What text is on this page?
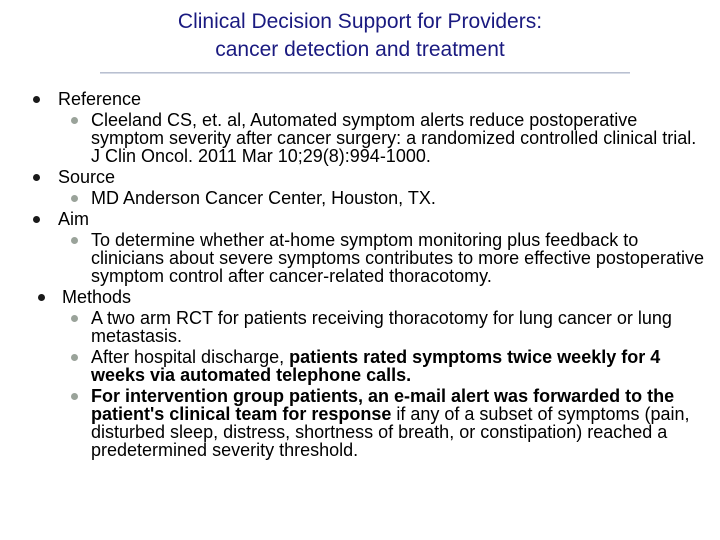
Clinical Decision Support for Providers:
cancer detection and treatment
Reference
Cleeland CS, et. al, Automated symptom alerts reduce postoperative symptom severity after cancer surgery: a randomized controlled clinical trial. J Clin Oncol. 2011 Mar 10;29(8):994-1000.
Source
MD Anderson Cancer Center, Houston, TX.
Aim
To determine whether at-home symptom monitoring plus feedback to clinicians about severe symptoms contributes to more effective postoperative symptom control after cancer-related thoracotomy.
Methods
A two arm RCT for patients receiving thoracotomy for lung cancer or lung metastasis.
After hospital discharge, patients rated symptoms twice weekly for 4 weeks via automated telephone calls.
For intervention group patients, an e-mail alert was forwarded to the patient's clinical team for response if any of a subset of symptoms (pain, disturbed sleep, distress, shortness of breath, or constipation) reached a predetermined severity threshold.
